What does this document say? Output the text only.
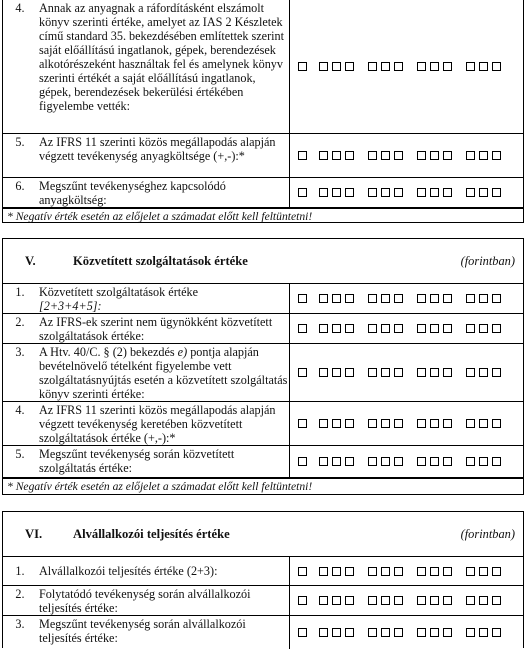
4.	Annak az anyagnak a ráfordításként elszámolt könyv szerinti értéke, amelyet az IAS 2 Készletek című standard 35. bekezdésében említettek szerint saját előállítású ingatlanok, gépek, berendezések alkotórészeként használtak fel és amelynek könyv szerinti értékét a saját előállítású ingatlanok, gépek, berendezések bekerülési értékében figyelembe vették:
5.	Az IFRS 11 szerinti közös megállapodás alapján végzett tevékenység anyagköltsége (+,-):*
6.	Megszűnt tevékenységhez kapcsolódó anyagköltség:
* Negatív érték esetén az előjelet a számadat előtt kell feltüntetni!
V.	Közvetített szolgáltatások értéke	(forintban)
1.	Közvetített szolgáltatások értéke
[2+3+4+5]:
2.	Az IFRS-ek szerint nem ügynökként közvetített szolgáltatások értéke:
3.	A Htv. 40/C. § (2) bekezdés e) pontja alapján bevételnövelő tételként figyelembe vett szolgáltatásnyújtás esetén a közvetített szolgáltatás könyv szerinti értéke:
4.	Az IFRS 11 szerinti közös megállapodás alapján végzett tevékenység keretében közvetített szolgáltatások értéke (+,-):*
5.	Megszűnt tevékenység során közvetített szolgáltatás értéke:
* Negatív érték esetén az előjelet a számadat előtt kell feltüntetni!
VI.	Alvállalkozói teljesítés értéke	(forintban)
1.	Alvállalkozói teljesítés értéke (2+3):
2.	Folytatódó tevékenység során alvállalkozói teljesítés értéke:
3.	Megszűnt tevékenység során alvállalkozói teljesítés értéke:
